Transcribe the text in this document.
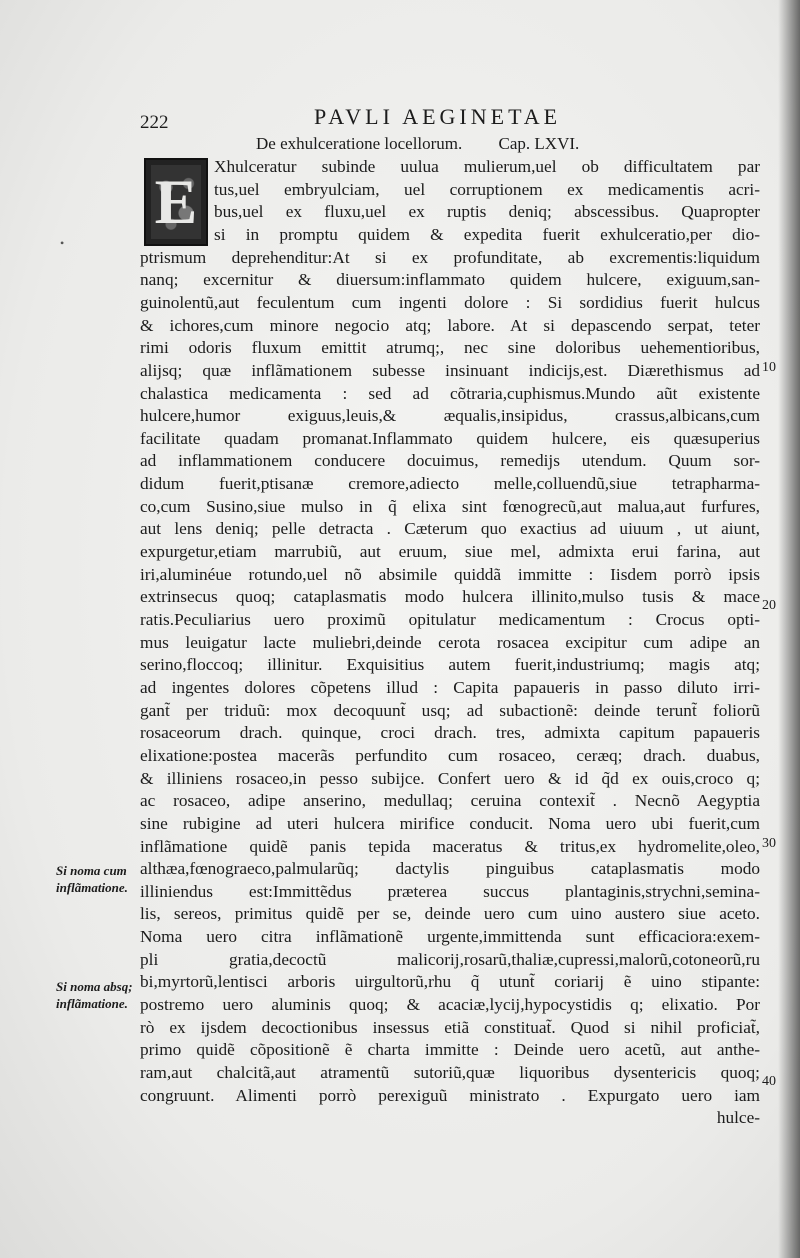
222	PAVLI AEGINETAE
De exhulceratione locellorum. Cap. LXVI.
E Xhulceratur subinde uulua mulierum,uel ob difficultatem par
tus,uel embryulciam, uel corruptionem ex medicamentis acri-
bus,uel ex fluxu,uel ex ruptis deniq; abscessibus. Quapropter
si in promptu quidem & expedita fuerit exhulceratio,per dio-
ptrismum deprehenditur:At si ex profunditate, ab excrementis:liquidum
nanq; excernitur & diuersum:inflammato quidem hulcere, exiguum,san-
guinolentũ,aut feculentum cum ingenti dolore : Si sordidius fuerit hulcus
& ichores,cum minore negocio atq; labore. At si depascendo serpat, teter
rimi odoris fluxum emittit atrumq;, nec sine doloribus uehementioribus,
alijsq; quæ inflãmationem subesse insinuant indicijs,est. Diærethismus ad
chalastica medicamenta : sed ad cõtraria,cuphismus.Mundo aũt existente
hulcere,humor exiguus,leuis,& æqualis,insipidus, crassus,albicans,cum
facilitate quadam promanat.Inflammato quidem hulcere, eis quæsuperius
ad inflammationem conducere docuimus, remedijs utendum. Quum sor-
didum fuerit,ptisanæ cremore,adiecto melle,colluendũ,siue tetrapharma-
co,cum Susino,siue mulso in q̃ elixa sint fœnogrecũ,aut malua,aut furfures,
aut lens deniq; pelle detracta . Cæterum quo exactius ad uiuum , ut aiunt,
expurgetur,etiam marrubiũ, aut eruum, siue mel, admixta erui farina, aut
iri,aluminéue rotundo,uel nõ absimile quiddã immitte : Iisdem porrò ipsis
extrinsecus quoq; cataplasmatis modo hulcera illinito,mulso tusis & mace
ratis.Peculiarius uero proximũ opitulatur medicamentum : Crocus opti-
mus leuigatur lacte muliebri,deinde cerota rosacea excipitur cum adipe an
serino,floccoq; illinitur. Exquisitius autem fuerit,industriumq; magis atq;
ad ingentes dolores cõpetens illud : Capita papaueris in passo diluto irri-
gant̃ per triduũ: mox decoquunt̃ usq; ad subactionẽ: deinde terunt̃ foliorũ
rosaceorum drach. quinque, croci drach. tres, admixta capitum papaueris
elixatione:postea macerãs perfundito cum rosaceo, ceræq; drach. duabus,
& illiniens rosaceo,in pesso subijce. Confert uero & id q̃d ex ouis,croco q;
ac rosaceo, adipe anserino, medullaq; ceruina contexit̃ . Necnõ Aegyptia
sine rubigine ad uteri hulcera mirifice conducit. Noma uero ubi fuerit,cum
inflãmatione quidẽ panis tepida maceratus & tritus,ex hydromelite,oleo,
althæa,fœnograeco,palmularũq; dactylis pinguibus cataplasmatis modo
illiniendus est:Immittẽdus præterea succus plantaginis,strychni,semina-
lis, sereos, primitus quidẽ per se, deinde uero cum uino austero siue aceto.
Noma uero citra inflãmationẽ urgente,immittenda sunt efficaciora:exem-
pli gratia,decoctũ malicorij,rosarũ,thaliæ,cupressi,malorũ,cotoneorũ,ru
bi,myrtorũ,lentisci arboris uirgultorũ,rhu q̃ utunt̃ coriarij ẽ uino stipante:
postremo uero aluminis quoq; & acaciæ,lycij,hypocystidis q; elixatio. Por
rò ex ijsdem decoctionibus insessus etiã constituat̃. Quod si nihil proficiat̃,
primo quidẽ cõpositionẽ ẽ charta immitte : Deinde uero acetũ, aut anthe-
ram,aut chalcitã,aut atramentũ sutoriũ,quæ liquoribus dysentericis quoq;
congruunt. Alimenti porrò perexiguũ ministrato . Expurgato uero iam
hulce-
10
20
30
40
Si noma cum inflãmatione.
Si noma absq; inflãmatione.
•
